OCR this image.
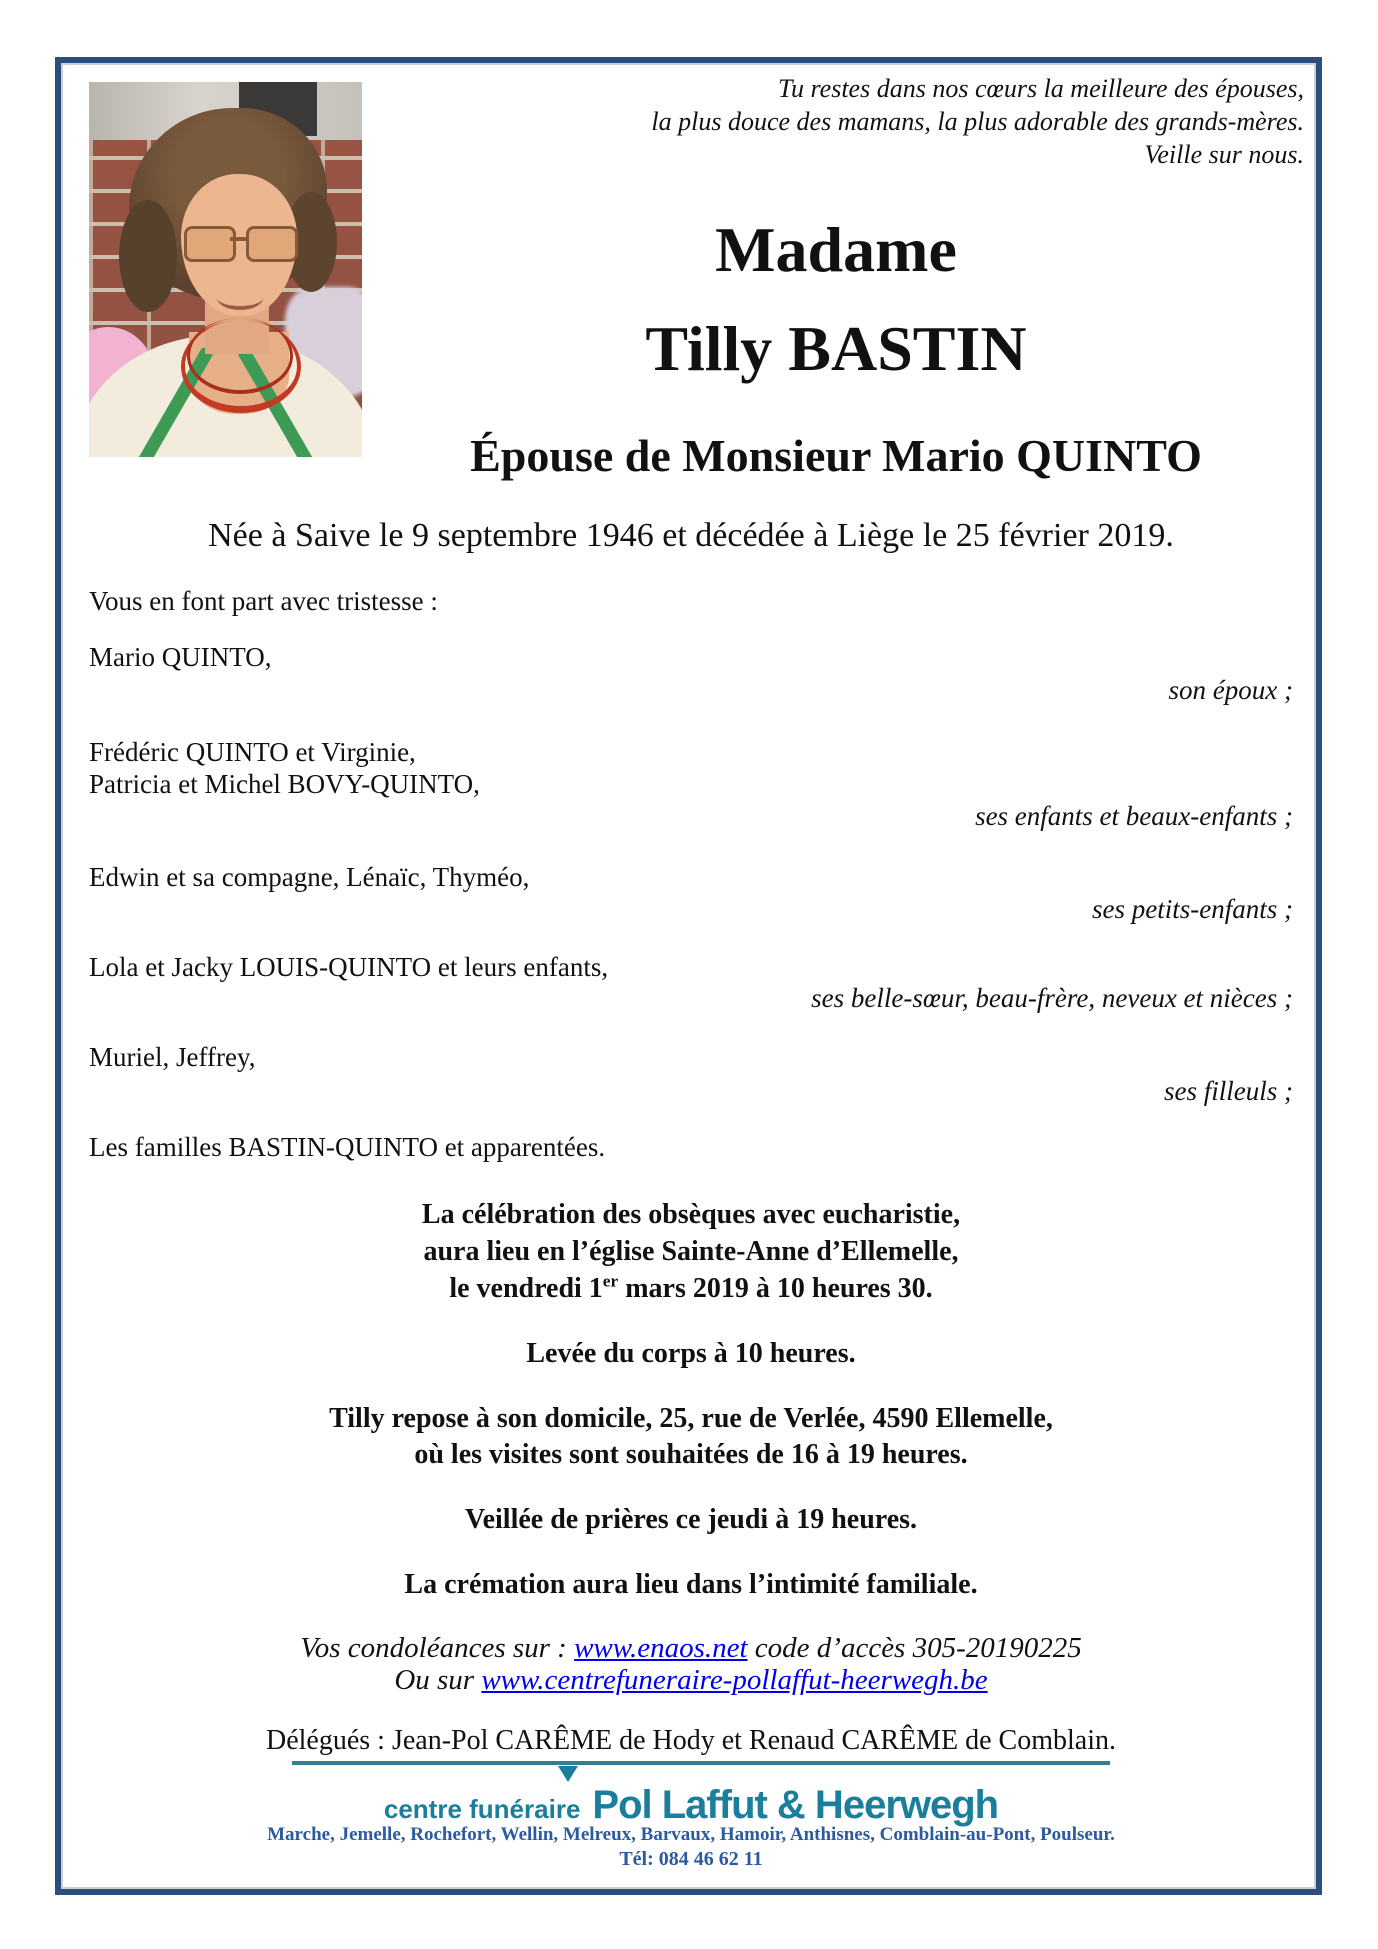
Tu restes dans nos cœurs la meilleure des épouses,
la plus douce des mamans, la plus adorable des grands-mères.
Veille sur nous.
Madame
Tilly BASTIN
Épouse de Monsieur Mario QUINTO
Née à Saive le 9 septembre 1946 et décédée à Liège le 25 février 2019.
Vous en font part avec tristesse :
Mario QUINTO,
son époux ;
Frédéric QUINTO et Virginie,
Patricia et Michel BOVY-QUINTO,
ses enfants et beaux-enfants ;
Edwin et sa compagne, Lénaïc, Thyméo,
ses petits-enfants ;
Lola et Jacky LOUIS-QUINTO et leurs enfants,
ses belle-sœur, beau-frère, neveux et nièces ;
Muriel, Jeffrey,
ses filleuls ;
Les familles BASTIN-QUINTO et apparentées.
La célébration des obsèques avec eucharistie,
aura lieu en l’église Sainte-Anne d’Ellemelle,
le vendredi 1er mars 2019 à 10 heures 30.
Levée du corps à 10 heures.
Tilly repose à son domicile, 25, rue de Verlée, 4590 Ellemelle,
où les visites sont souhaitées de 16 à 19 heures.
Veillée de prières ce jeudi à 19 heures.
La crémation aura lieu dans l’intimité familiale.
Vos condoléances sur : www.enaos.net code d’accès 305-20190225
Ou sur www.centrefuneraire-pollaffut-heerwegh.be
Délégués : Jean-Pol CARÊME de Hody et Renaud CARÊME de Comblain.
centre funéraire Pol Laffut & Heerwegh
Marche, Jemelle, Rochefort, Wellin, Melreux, Barvaux, Hamoir, Anthisnes, Comblain-au-Pont, Poulseur.
Tél: 084 46 62 11
